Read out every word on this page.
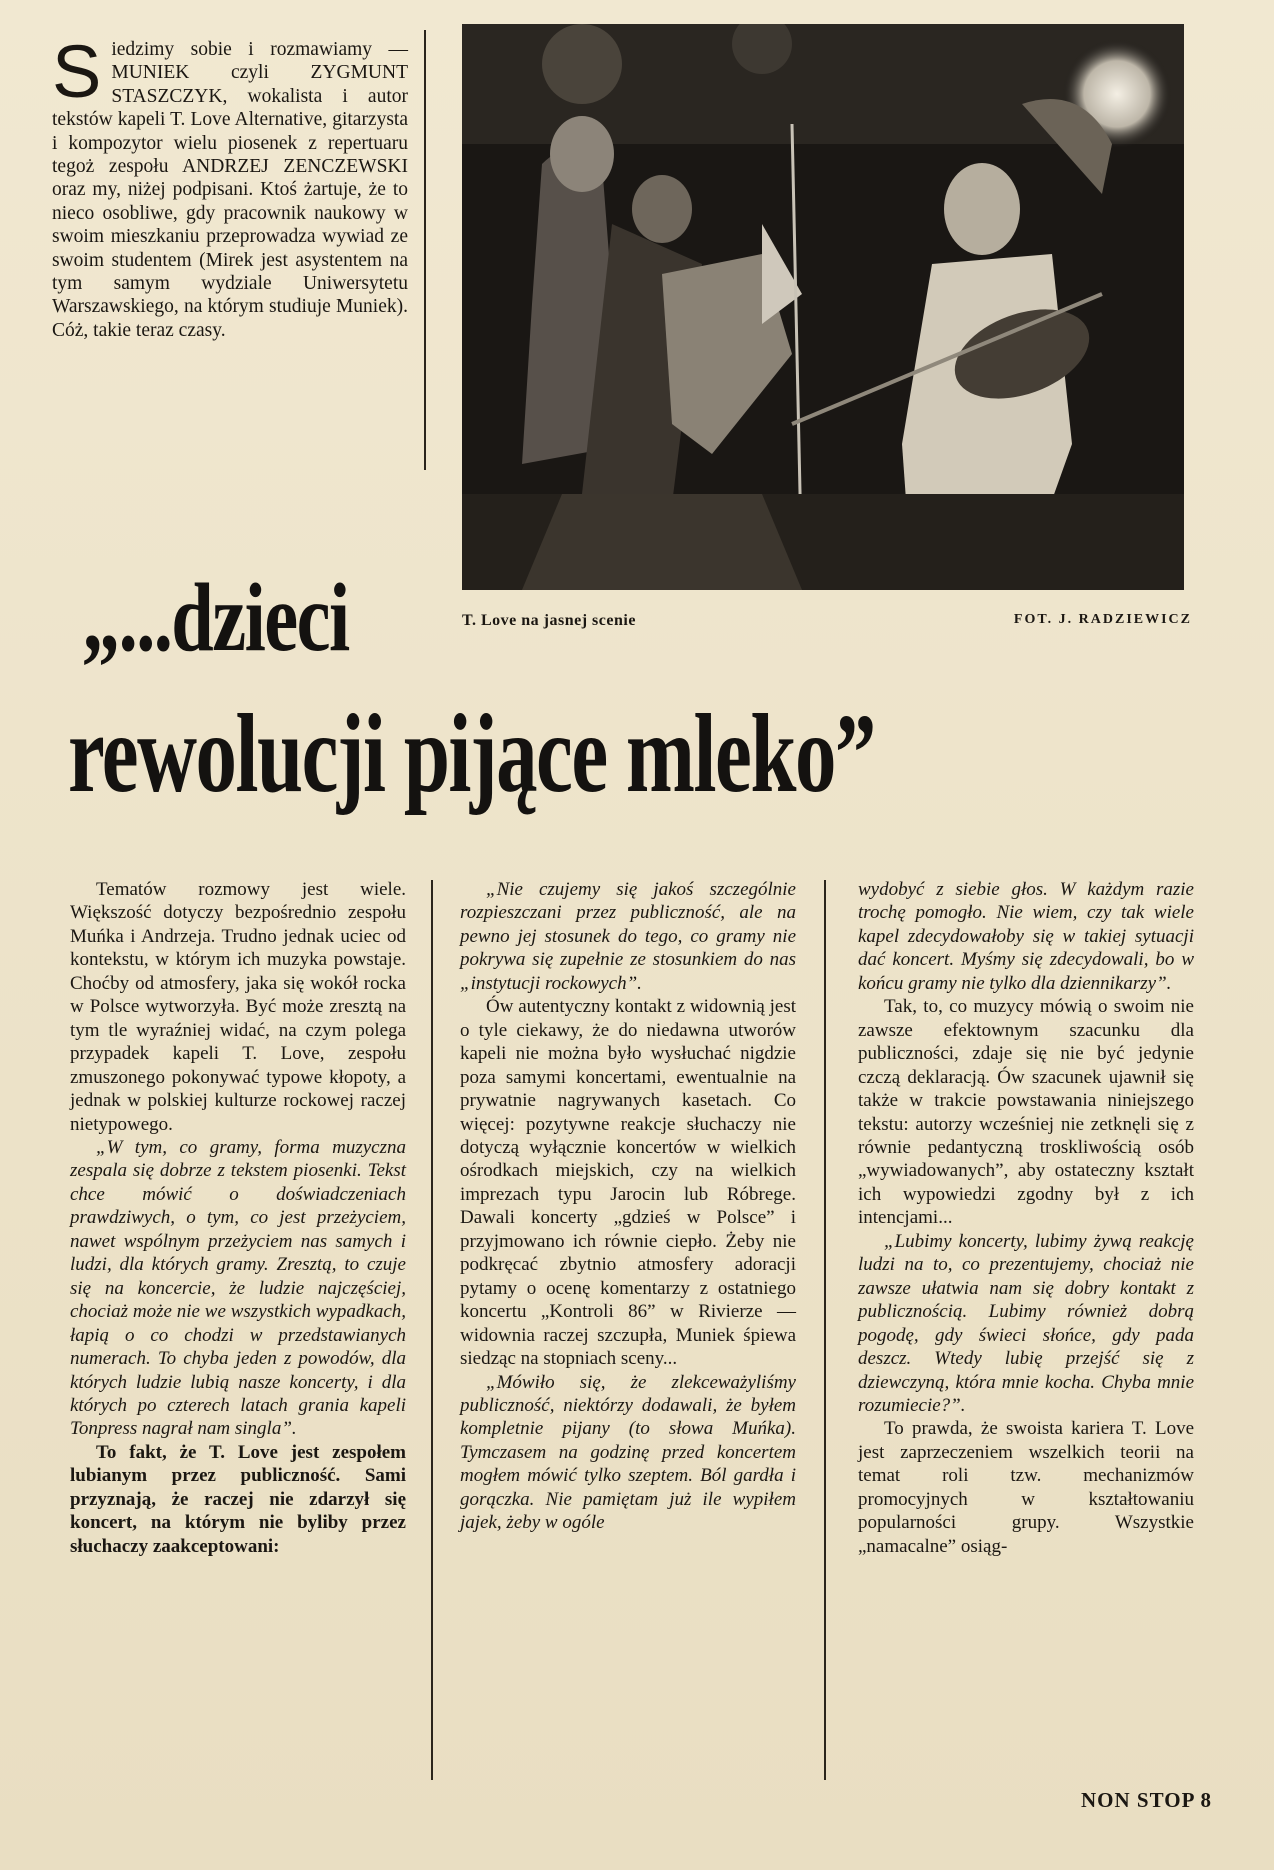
S iedzimy sobie i rozmawiamy — MUNIEK czyli ZYGMUNT STASZCZYK, wokalista i autor tekstów kapeli T. Love Alternative, gitarzysta i kompozytor wielu piosenek z repertuaru tegoż zespołu ANDRZEJ ZENCZEWSKI oraz my, niżej podpisani. Ktoś żartuje, że to nieco osobliwe, gdy pracownik naukowy w swoim mieszkaniu przeprowadza wywiad ze swoim studentem (Mirek jest asystentem na tym samym wydziale Uniwersytetu Warszawskiego, na którym studiuje Muniek). Cóż, takie teraz czasy.
T. Love na jasnej scenie	FOT. J. RADZIEWICZ
„...dzieci
rewolucji pijące mleko”

Tematów rozmowy jest wiele. Większość dotyczy bezpośrednio zespołu Muńka i Andrzeja. Trudno jednak uciec od kontekstu, w którym ich muzyka powstaje. Choćby od atmosfery, jaka się wokół rocka w Polsce wytworzyła. Być może zresztą na tym tle wyraźniej widać, na czym polega przypadek kapeli T. Love, zespołu zmuszonego pokonywać typowe kłopoty, a jednak w polskiej kulturze rockowej raczej nietypowego.

„W tym, co gramy, forma muzyczna zespala się dobrze z tekstem piosenki. Tekst chce mówić o doświadczeniach prawdziwych, o tym, co jest przeżyciem, nawet wspólnym przeżyciem nas samych i ludzi, dla których gramy. Zresztą, to czuje się na koncercie, że ludzie najczęściej, chociaż może nie we wszystkich wypadkach, łapią o co chodzi w przedstawianych numerach. To chyba jeden z powodów, dla których ludzie lubią nasze koncerty, i dla których po czterech latach grania kapeli Tonpress nagrał nam singla”.

To fakt, że T. Love jest zespołem lubianym przez publiczność. Sami przyznają, że raczej nie zdarzył się koncert, na którym nie byliby przez słuchaczy zaakceptowani:

„Nie czujemy się jakoś szczególnie rozpieszczani przez publiczność, ale na pewno jej stosunek do tego, co gramy nie pokrywa się zupełnie ze stosunkiem do nas „instytucji rockowych”.

Ów autentyczny kontakt z widownią jest o tyle ciekawy, że do niedawna utworów kapeli nie można było wysłuchać nigdzie poza samymi koncertami, ewentualnie na prywatnie nagrywanych kasetach. Co więcej: pozytywne reakcje słuchaczy nie dotyczą wyłącznie koncertów w wielkich ośrodkach miejskich, czy na wielkich imprezach typu Jarocin lub Róbrege. Dawali koncerty „gdzieś w Polsce” i przyjmowano ich równie ciepło. Żeby nie podkręcać zbytnio atmosfery adoracji pytamy o ocenę komentarzy z ostatniego koncertu „Kontroli 86” w Rivierze — widownia raczej szczupła, Muniek śpiewa siedząc na stopniach sceny...

„Mówiło się, że zlekceważyliśmy publiczność, niektórzy dodawali, że byłem kompletnie pijany (to słowa Muńka). Tymczasem na godzinę przed koncertem mogłem mówić tylko szeptem. Ból gardła i gorączka. Nie pamiętam już ile wypiłem jajek, żeby w ogóle

wydobyć z siebie głos. W każdym razie trochę pomogło. Nie wiem, czy tak wiele kapel zdecydowałoby się w takiej sytuacji dać koncert. Myśmy się zdecydowali, bo w końcu gramy nie tylko dla dziennikarzy”.

Tak, to, co muzycy mówią o swoim nie zawsze efektownym szacunku dla publiczności, zdaje się nie być jedynie czczą deklaracją. Ów szacunek ujawnił się także w trakcie powstawania niniejszego tekstu: autorzy wcześniej nie zetknęli się z równie pedantyczną troskliwością osób „wywiadowanych”, aby ostateczny kształt ich wypowiedzi zgodny był z ich intencjami...

„Lubimy koncerty, lubimy żywą reakcję ludzi na to, co prezentujemy, chociaż nie zawsze ułatwia nam się dobry kontakt z publicznością. Lubimy również dobrą pogodę, gdy świeci słońce, gdy pada deszcz. Wtedy lubię przejść się z dziewczyną, która mnie kocha. Chyba mnie rozumiecie?”.

To prawda, że swoista kariera T. Love jest zaprzeczeniem wszelkich teorii na temat roli tzw. mechanizmów promocyjnych w kształtowaniu popularności grupy. Wszystkie „namacalne” osiąg-

NON STOP 8
